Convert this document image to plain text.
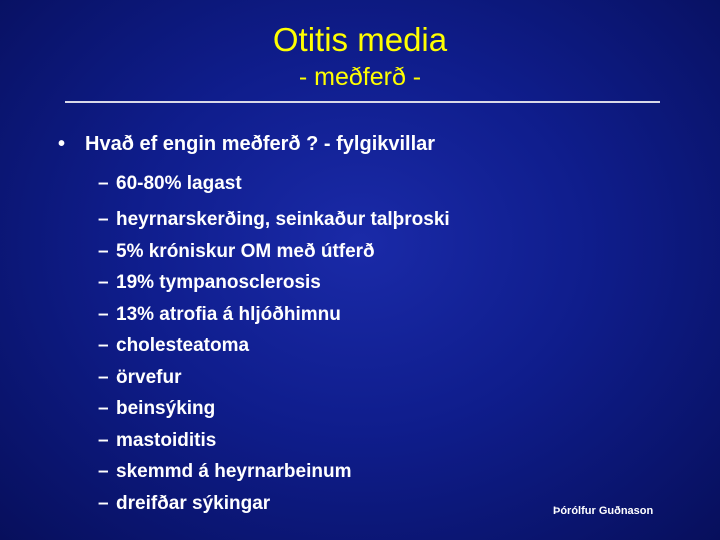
Otitis media
- meðferð -
• Hvað ef engin meðferð ? - fylgikvillar
– 60-80% lagast
– heyrnarskerðing, seinkaður talþroski
– 5% króniskur OM með útferð
– 19% tympanosclerosis
– 13% atrofia á hljóðhimnu
– cholesteatoma
– örvefur
– beinsýking
– mastoiditis
– skemmd á heyrnarbeinum
– dreifðar sýkingar	Þórólfur Guðnason
